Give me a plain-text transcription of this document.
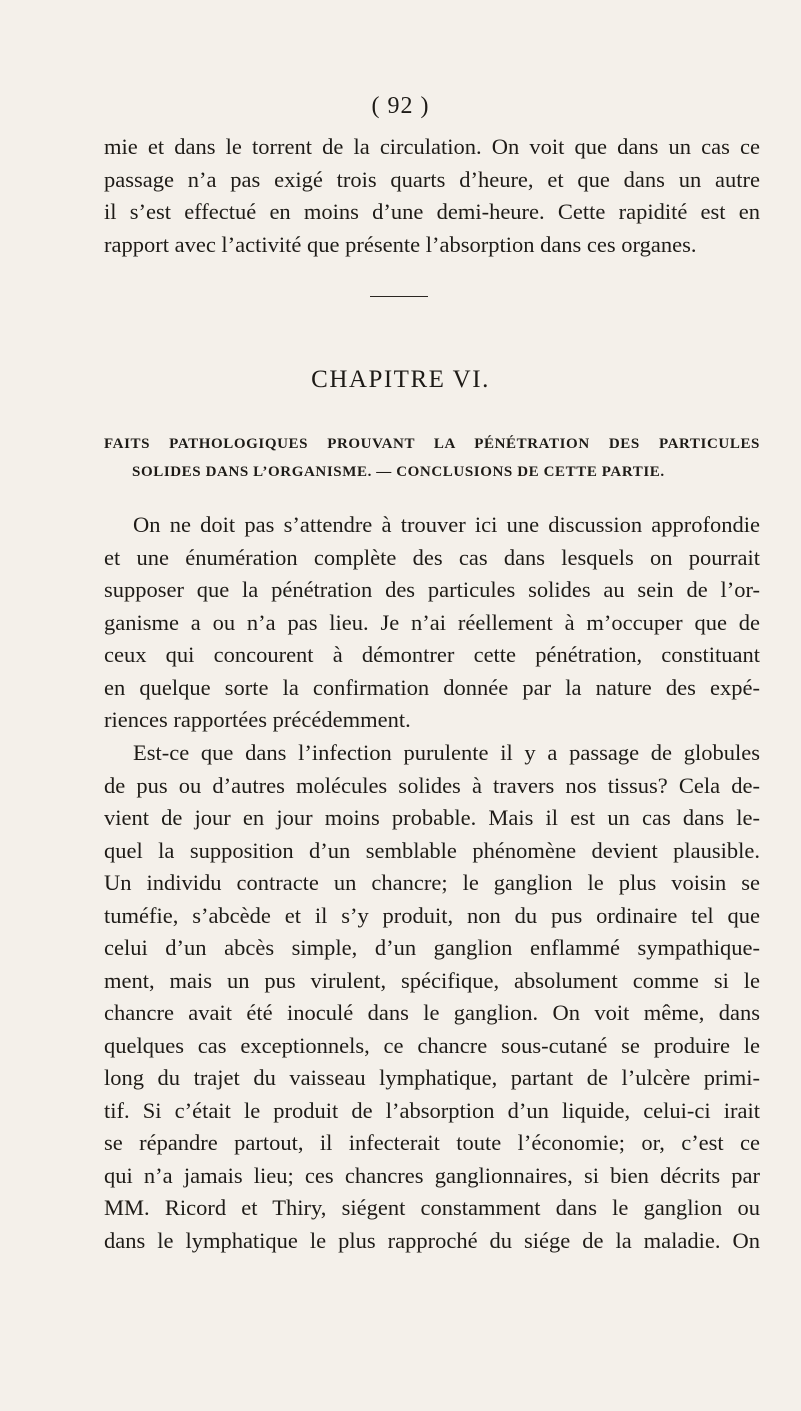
( 92 )
mie et dans le torrent de la circulation. On voit que dans un cas ce
passage n’a pas exigé trois quarts d’heure, et que dans un autre
il s’est effectué en moins d’une demi-heure. Cette rapidité est en
rapport avec l’activité que présente l’absorption dans ces organes.
CHAPITRE VI.
FAITS PATHOLOGIQUES PROUVANT LA PÉNÉTRATION DES PARTICULES
SOLIDES DANS L’ORGANISME. — CONCLUSIONS DE CETTE PARTIE.
On ne doit pas s’attendre à trouver ici une discussion approfondie
et une énumération complète des cas dans lesquels on pourrait
supposer que la pénétration des particules solides au sein de l’or-
ganisme a ou n’a pas lieu. Je n’ai réellement à m’occuper que de
ceux qui concourent à démontrer cette pénétration, constituant
en quelque sorte la confirmation donnée par la nature des expé-
riences rapportées précédemment.
Est-ce que dans l’infection purulente il y a passage de globules
de pus ou d’autres molécules solides à travers nos tissus? Cela de-
vient de jour en jour moins probable. Mais il est un cas dans le-
quel la supposition d’un semblable phénomène devient plausible.
Un individu contracte un chancre; le ganglion le plus voisin se
tuméfie, s’abcède et il s’y produit, non du pus ordinaire tel que
celui d’un abcès simple, d’un ganglion enflammé sympathique-
ment, mais un pus virulent, spécifique, absolument comme si le
chancre avait été inoculé dans le ganglion. On voit même, dans
quelques cas exceptionnels, ce chancre sous-cutané se produire le
long du trajet du vaisseau lymphatique, partant de l’ulcère primi-
tif. Si c’était le produit de l’absorption d’un liquide, celui-ci irait
se répandre partout, il infecterait toute l’économie; or, c’est ce
qui n’a jamais lieu; ces chancres ganglionnaires, si bien décrits par
MM. Ricord et Thiry, siégent constamment dans le ganglion ou
dans le lymphatique le plus rapproché du siége de la maladie. On
